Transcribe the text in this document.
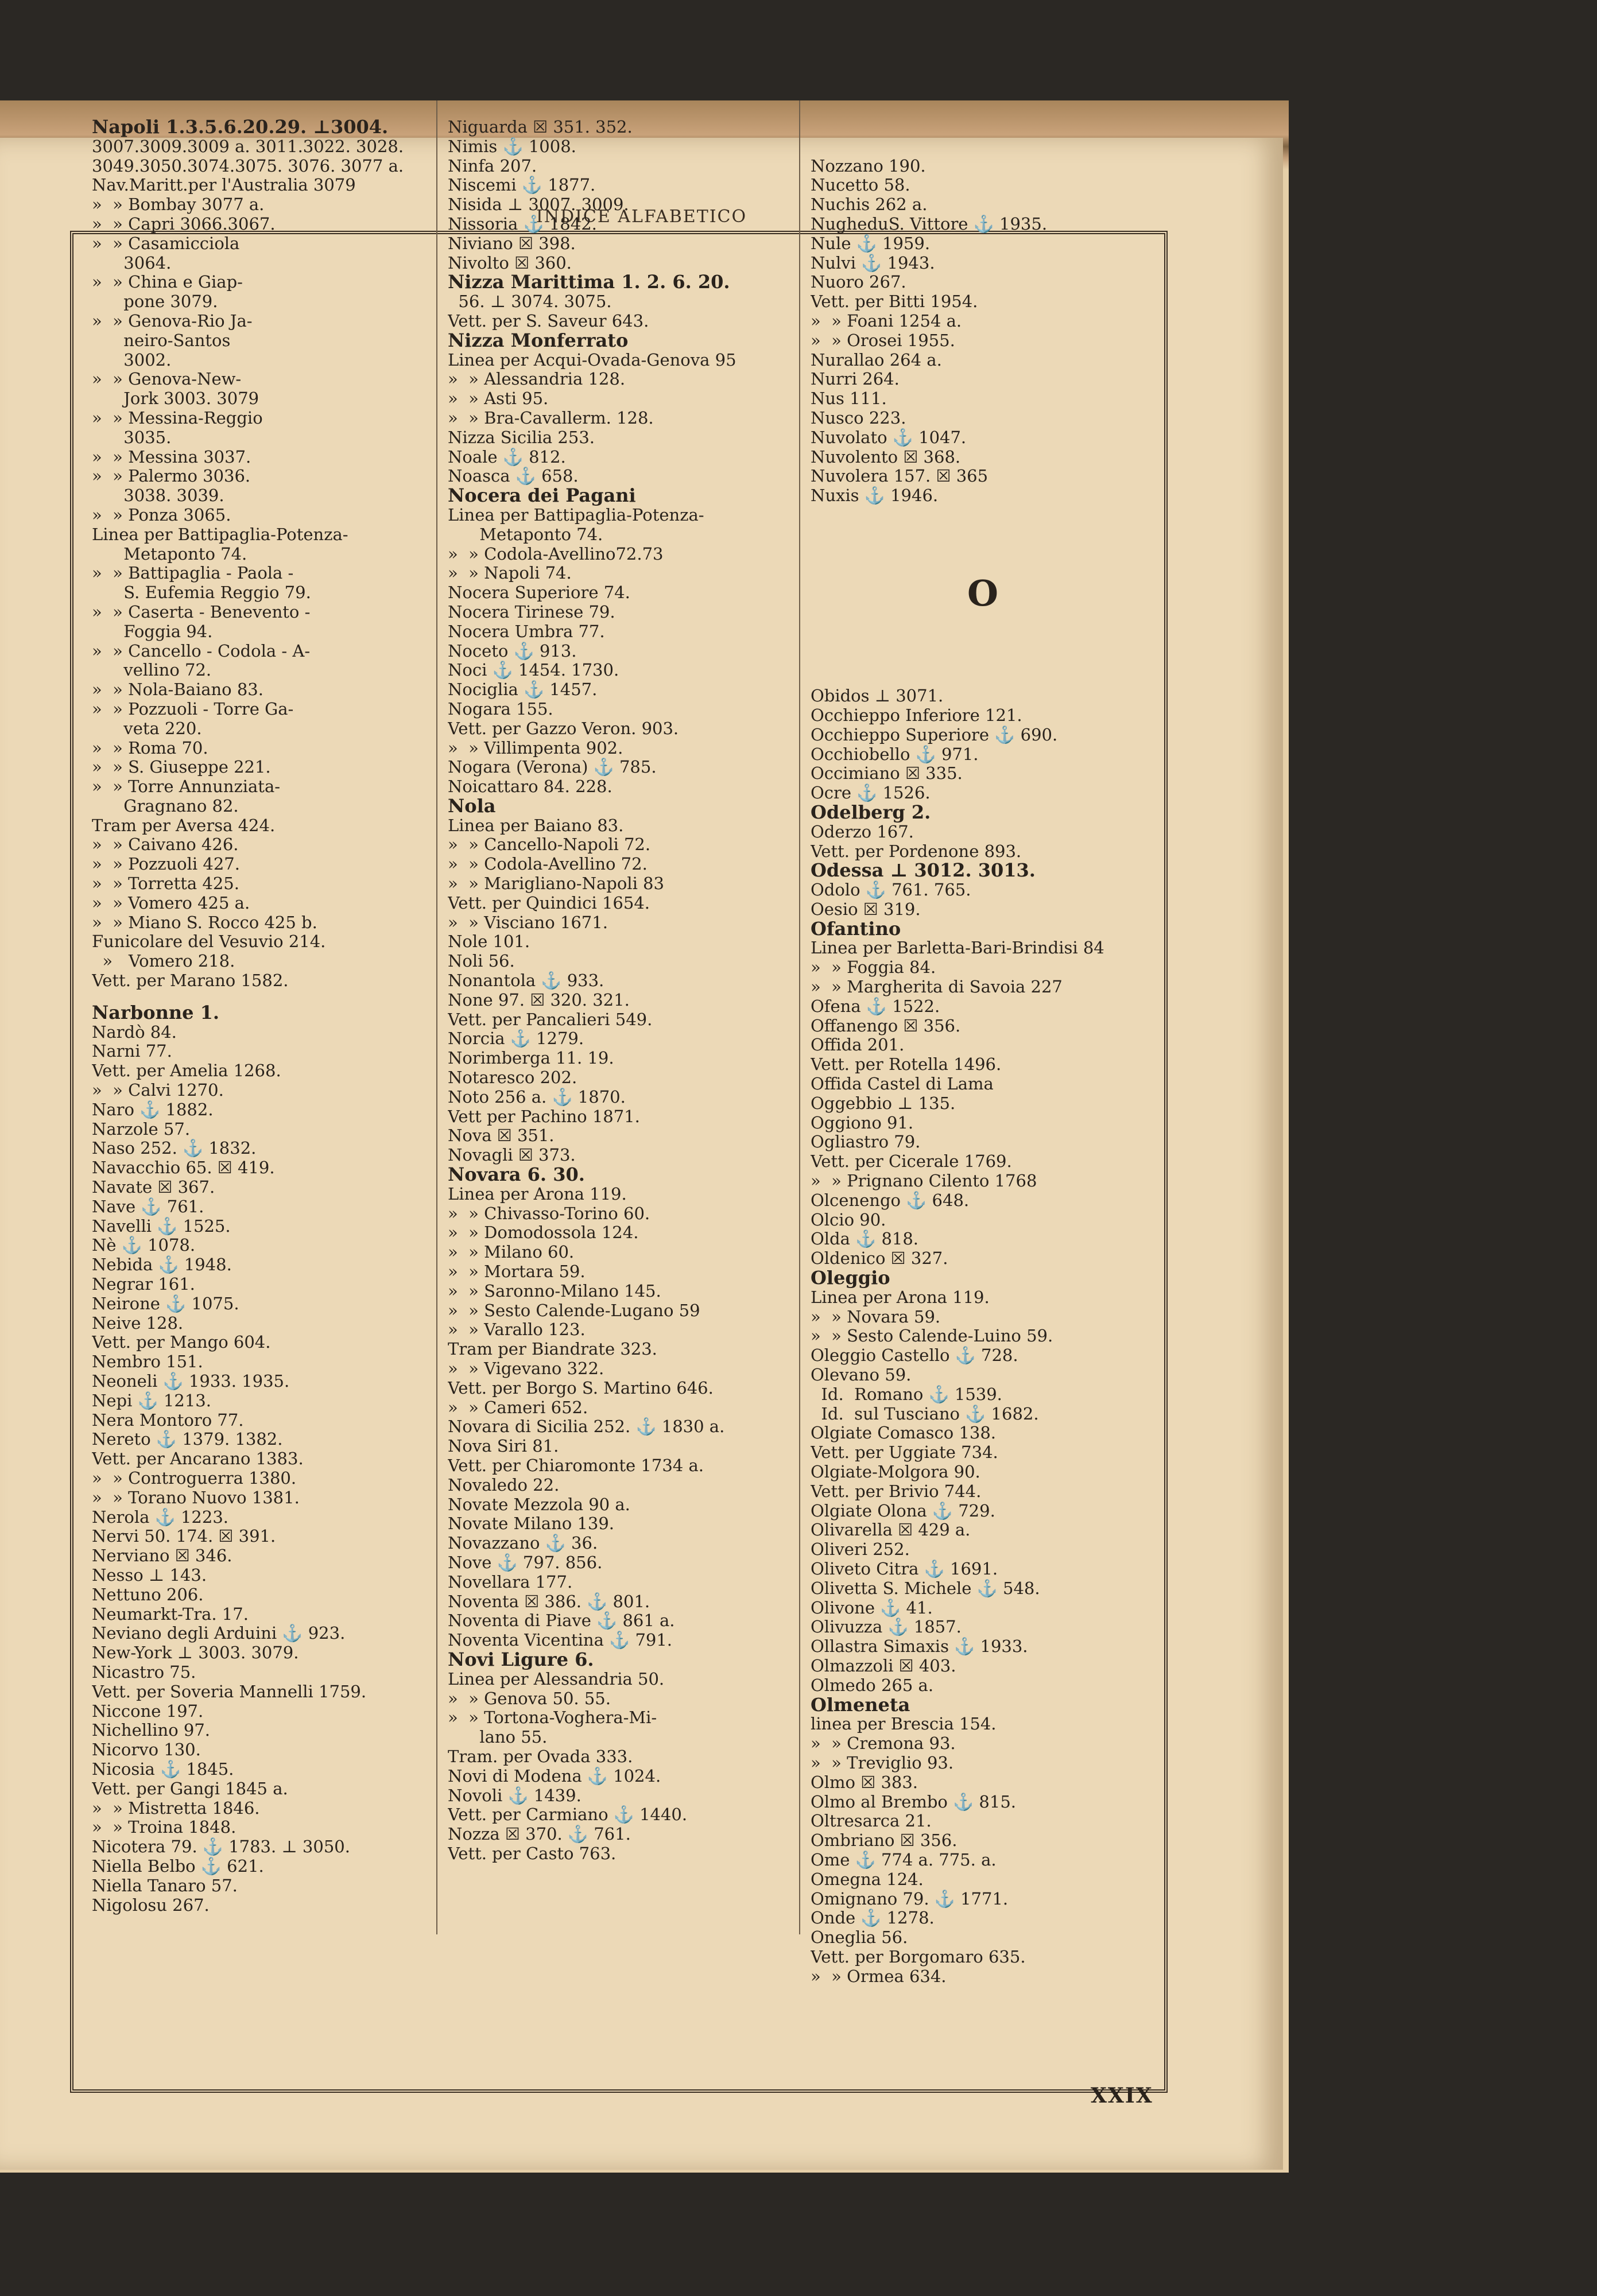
INDICE ALFABETICO
Napoli 1.3.5.6.20.29. ⊥3004.
3007.3009.3009 a. 3011.3022. 3028.
3049.3050.3074.3075. 3076. 3077 a.
Nav.Maritt.per l'Australia 3079
»  » Bombay 3077 a.
»  » Capri 3066.3067.
»  » Casamicciola
3064.
»  » China e Giap-
pone 3079.
»  » Genova-Rio Ja-
neiro-Santos
3002.
»  » Genova-New-
Jork 3003. 3079
»  » Messina-Reggio
3035.
»  » Messina 3037.
»  » Palermo 3036.
3038. 3039.
»  » Ponza 3065.
Linea per Battipaglia-Potenza-
Metaponto 74.
»  » Battipaglia - Paola -
S. Eufemia Reggio 79.
»  » Caserta - Benevento -
Foggia 94.
»  » Cancello - Codola - A-
vellino 72.
»  » Nola-Baiano 83.
»  » Pozzuoli - Torre Ga-
veta 220.
»  » Roma 70.
»  » S. Giuseppe 221.
»  » Torre Annunziata-
Gragnano 82.
Tram per Aversa 424.
»  » Caivano 426.
»  » Pozzuoli 427.
»  » Torretta 425.
»  » Vomero 425 a.
»  » Miano S. Rocco 425 b.
Funicolare del Vesuvio 214.
»   Vomero 218.
Vett. per Marano 1582.
Narbonne 1.
Nardò 84.
Narni 77.
Vett. per Amelia 1268.
»  » Calvi 1270.
Naro ⚓ 1882.
Narzole 57.
Naso 252. ⚓ 1832.
Navacchio 65. ☒ 419.
Navate ☒ 367.
Nave ⚓ 761.
Navelli ⚓ 1525.
Nè ⚓ 1078.
Nebida ⚓ 1948.
Negrar 161.
Neirone ⚓ 1075.
Neive 128.
Vett. per Mango 604.
Nembro 151.
Neoneli ⚓ 1933. 1935.
Nepi ⚓ 1213.
Nera Montoro 77.
Nereto ⚓ 1379. 1382.
Vett. per Ancarano 1383.
»  » Controguerra 1380.
»  » Torano Nuovo 1381.
Nerola ⚓ 1223.
Nervi 50. 174. ☒ 391.
Nerviano ☒ 346.
Nesso ⊥ 143.
Nettuno 206.
Neumarkt-Tra. 17.
Neviano degli Arduini ⚓ 923.
New-York ⊥ 3003. 3079.
Nicastro 75.
Vett. per Soveria Mannelli 1759.
Niccone 197.
Nichellino 97.
Nicorvo 130.
Nicosia ⚓ 1845.
Vett. per Gangi 1845 a.
»  » Mistretta 1846.
»  » Troina 1848.
Nicotera 79. ⚓ 1783. ⊥ 3050.
Niella Belbo ⚓ 621.
Niella Tanaro 57.
Nigolosu 267.
Niguarda ☒ 351. 352.
Nimis ⚓ 1008.
Ninfa 207.
Niscemi ⚓ 1877.
Nisida ⊥ 3007. 3009.
Nissoria ⚓ 1842.
Niviano ☒ 398.
Nivolto ☒ 360.
Nizza Marittima 1. 2. 6. 20.
56. ⊥ 3074. 3075.
Vett. per S. Saveur 643.
Nizza Monferrato
Linea per Acqui-Ovada-Genova 95
»  » Alessandria 128.
»  » Asti 95.
»  » Bra-Cavallerm. 128.
Nizza Sicilia 253.
Noale ⚓ 812.
Noasca ⚓ 658.
Nocera dei Pagani
Linea per Battipaglia-Potenza-
Metaponto 74.
»  » Codola-Avellino72.73
»  » Napoli 74.
Nocera Superiore 74.
Nocera Tirinese 79.
Nocera Umbra 77.
Noceto ⚓ 913.
Noci ⚓ 1454. 1730.
Nociglia ⚓ 1457.
Nogara 155.
Vett. per Gazzo Veron. 903.
»  » Villimpenta 902.
Nogara (Verona) ⚓ 785.
Noicattaro 84. 228.
Nola
Linea per Baiano 83.
»  » Cancello-Napoli 72.
»  » Codola-Avellino 72.
»  » Marigliano-Napoli 83
Vett. per Quindici 1654.
»  » Visciano 1671.
Nole 101.
Noli 56.
Nonantola ⚓ 933.
None 97. ☒ 320. 321.
Vett. per Pancalieri 549.
Norcia ⚓ 1279.
Norimberga 11. 19.
Notaresco 202.
Noto 256 a. ⚓ 1870.
Vett per Pachino 1871.
Nova ☒ 351.
Novagli ☒ 373.
Novara 6. 30.
Linea per Arona 119.
»  » Chivasso-Torino 60.
»  » Domodossola 124.
»  » Milano 60.
»  » Mortara 59.
»  » Saronno-Milano 145.
»  » Sesto Calende-Lugano 59
»  » Varallo 123.
Tram per Biandrate 323.
»  » Vigevano 322.
Vett. per Borgo S. Martino 646.
»  » Cameri 652.
Novara di Sicilia 252. ⚓ 1830 a.
Nova Siri 81.
Vett. per Chiaromonte 1734 a.
Novaledo 22.
Novate Mezzola 90 a.
Novate Milano 139.
Novazzano ⚓ 36.
Nove ⚓ 797. 856.
Novellara 177.
Noventa ☒ 386. ⚓ 801.
Noventa di Piave ⚓ 861 a.
Noventa Vicentina ⚓ 791.
Novi Ligure 6.
Linea per Alessandria 50.
»  » Genova 50. 55.
»  » Tortona-Voghera-Mi-
lano 55.
Tram. per Ovada 333.
Novi di Modena ⚓ 1024.
Novoli ⚓ 1439.
Vett. per Carmiano ⚓ 1440.
Nozza ☒ 370. ⚓ 761.
Vett. per Casto 763.

Nozzano 190.
Nucetto 58.
Nuchis 262 a.
NugheduS. Vittore ⚓ 1935.
Nule ⚓ 1959.
Nulvi ⚓ 1943.
Nuoro 267.
Vett. per Bitti 1954.
»  » Foani 1254 a.
»  » Orosei 1955.
Nurallao 264 a.
Nurri 264.
Nus 111.
Nusco 223.
Nuvolato ⚓ 1047.
Nuvolento ☒ 368.
Nuvolera 157. ☒ 365
Nuxis ⚓ 1946.

O

Obidos ⊥ 3071.
Occhieppo Inferiore 121.
Occhieppo Superiore ⚓ 690.
Occhiobello ⚓ 971.
Occimiano ☒ 335.
Ocre ⚓ 1526.
Odelberg 2.
Oderzo 167.
Vett. per Pordenone 893.
Odessa ⊥ 3012. 3013.
Odolo ⚓ 761. 765.
Oesio ☒ 319.
Ofantino
Linea per Barletta-Bari-Brindisi 84
»  » Foggia 84.
»  » Margherita di Savoia 227
Ofena ⚓ 1522.
Offanengo ☒ 356.
Offida 201.
Vett. per Rotella 1496.
Offida Castel di Lama
Oggebbio ⊥ 135.
Oggiono 91.
Ogliastro 79.
Vett. per Cicerale 1769.
»  » Prignano Cilento 1768
Olcenengo ⚓ 648.
Olcio 90.
Olda ⚓ 818.
Oldenico ☒ 327.
Oleggio
Linea per Arona 119.
»  » Novara 59.
»  » Sesto Calende-Luino 59.
Oleggio Castello ⚓ 728.
Olevano 59.
Id.  Romano ⚓ 1539.
Id.  sul Tusciano ⚓ 1682.
Olgiate Comasco 138.
Vett. per Uggiate 734.
Olgiate-Molgora 90.
Vett. per Brivio 744.
Olgiate Olona ⚓ 729.
Olivarella ☒ 429 a.
Oliveri 252.
Oliveto Citra ⚓ 1691.
Olivetta S. Michele ⚓ 548.
Olivone ⚓ 41.
Olivuzza ⚓ 1857.
Ollastra Simaxis ⚓ 1933.
Olmazzoli ☒ 403.
Olmedo 265 a.
Olmeneta
linea per Brescia 154.
»  » Cremona 93.
»  » Treviglio 93.
Olmo ☒ 383.
Olmo al Brembo ⚓ 815.
Oltresarca 21.
Ombriano ☒ 356.
Ome ⚓ 774 a. 775. a.
Omegna 124.
Omignano 79. ⚓ 1771.
Onde ⚓ 1278.
Oneglia 56.
Vett. per Borgomaro 635.
»  » Ormea 634.

XXIX
